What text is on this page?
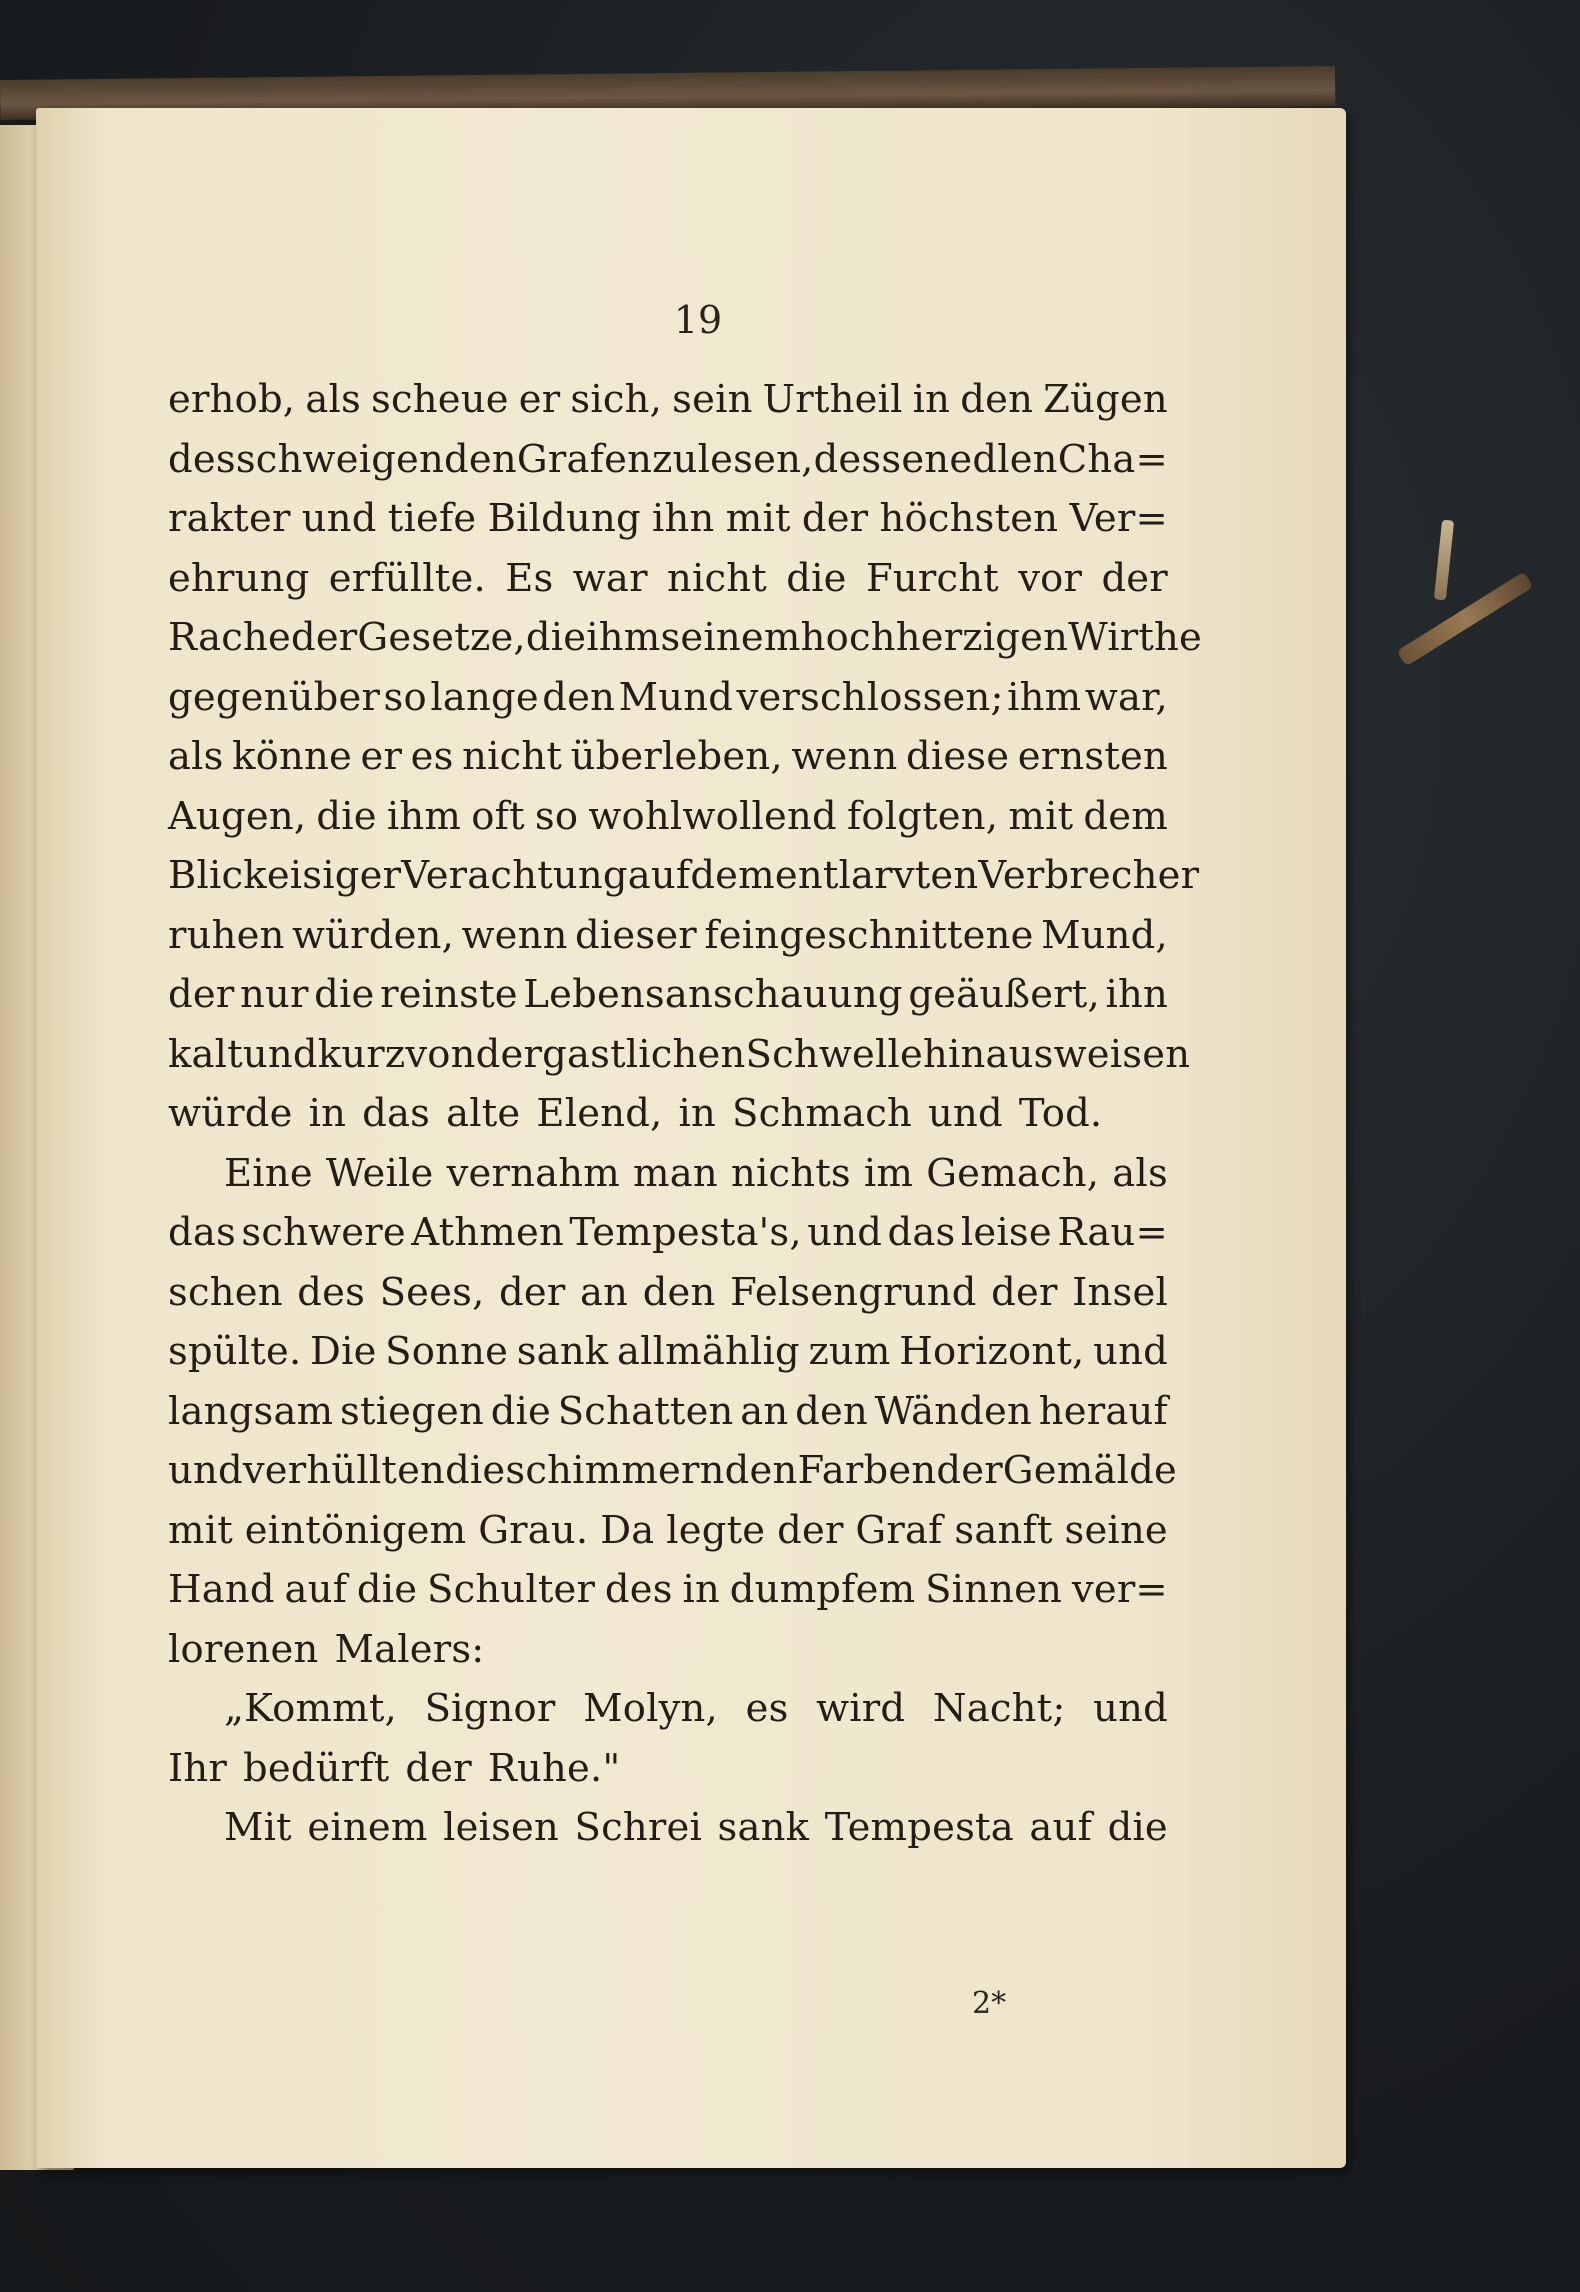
19
erhob, als scheue er sich, sein Urtheil in den Zügen
des schweigenden Grafen zu lesen, dessen edlen Cha=
rakter und tiefe Bildung ihn mit der höchsten Ver=
ehrung erfüllte. Es war nicht die Furcht vor der
Rache der Gesetze, die ihm seinem hochherzigen Wirthe
gegenüber so lange den Mund verschlossen; ihm war,
als könne er es nicht überleben, wenn diese ernsten
Augen, die ihm oft so wohlwollend folgten, mit dem
Blick eisiger Verachtung auf dem entlarvten Verbrecher
ruhen würden, wenn dieser feingeschnittene Mund,
der nur die reinste Lebensanschauung geäußert, ihn
kalt und kurz von der gastlichen Schwelle hinausweisen
würde in das alte Elend, in Schmach und Tod.
Eine Weile vernahm man nichts im Gemach, als
das schwere Athmen Tempesta's, und das leise Rau=
schen des Sees, der an den Felsengrund der Insel
spülte. Die Sonne sank allmählig zum Horizont, und
langsam stiegen die Schatten an den Wänden herauf
und verhüllten die schimmernden Farben der Gemälde
mit eintönigem Grau. Da legte der Graf sanft seine
Hand auf die Schulter des in dumpfem Sinnen ver=
lorenen Malers:
„Kommt, Signor Molyn, es wird Nacht; und
Ihr bedürft der Ruhe."
Mit einem leisen Schrei sank Tempesta auf die
2*
